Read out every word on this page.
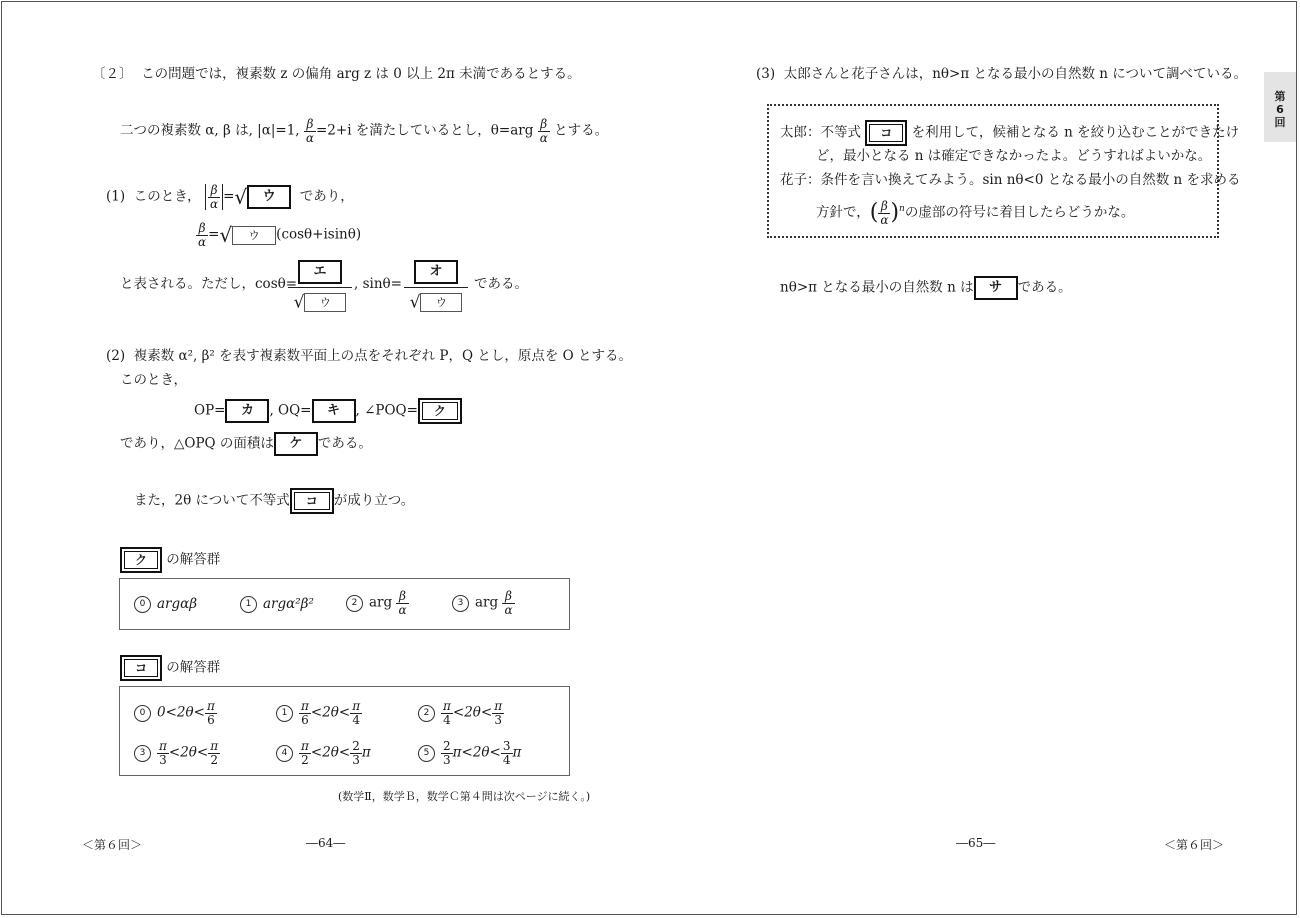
〔２〕 この問題では，複素数 z の偏角 arg z は 0 以上 2π 未満であるとする。
二つの複素数 α, β は, |α|=1, $\frac{\beta}{\alpha} =2+i$ を満たしているとし，$\theta=arg \frac{\beta}{\alpha}$ とする。
(1) このとき， $\frac{\beta}{\alpha}$ =√ ウ であり，
$\frac{\beta}{\alpha}$ =√ ウ (cosθ+isinθ)
と表される。ただし，cosθ=
エ
√ ウ
, sinθ=
オ
√ ウ
である。
(2) 複素数 α², β² を表す複素数平面上の点をそれぞれ P，Q とし，原点を O とする。
このとき，
OP= カ , OQ= キ , ∠POQ=	ク
であり，△OPQ の面積は ケ である。
また，2θ について不等式	コ	が成り立つ。
ク	の解答群
0 argαβ	1 argα²β²	2 arg $\frac{\beta}{\alpha}$	3 arg $\frac{\beta}{\alpha}$
コ	の解答群
0 $0<2\theta< \frac{\pi}{6}$	$1 \frac{\pi}{6} <2\theta< \frac{\pi}{4}$	$2 \frac{\pi}{4} <2\theta< \frac{\pi}{3}$
$3 \frac{\pi}{3} <2\theta< \frac{\pi}{2}$	$4 \frac{\pi}{2} <2\theta< \frac{2}{3}$ π	$5 \frac{2}{3} \pi<2\theta< \frac{3}{4}$ π
(数学Ⅱ，数学Ｂ，数学Ｃ第４問は次ページに続く。)
＜第６回＞	―64―
(3) 太郎さんと花子さんは，nθ>π となる最小の自然数 n について調べている。
太郎：不等式	コ	を利用して，候補となる n を絞り込むことができたけ
ど，最小となる n は確定できなかったよ。どうすればよいかな。
花子：条件を言い換えてみよう。sin nθ<0 となる最小の自然数 n を求める
方針で，( $\frac{\beta}{\alpha} )^n$の虚部の符号に着目したらどうかな。
nθ>π となる最小の自然数 n は サ である。
第
6
回
―65―	＜第６回＞
